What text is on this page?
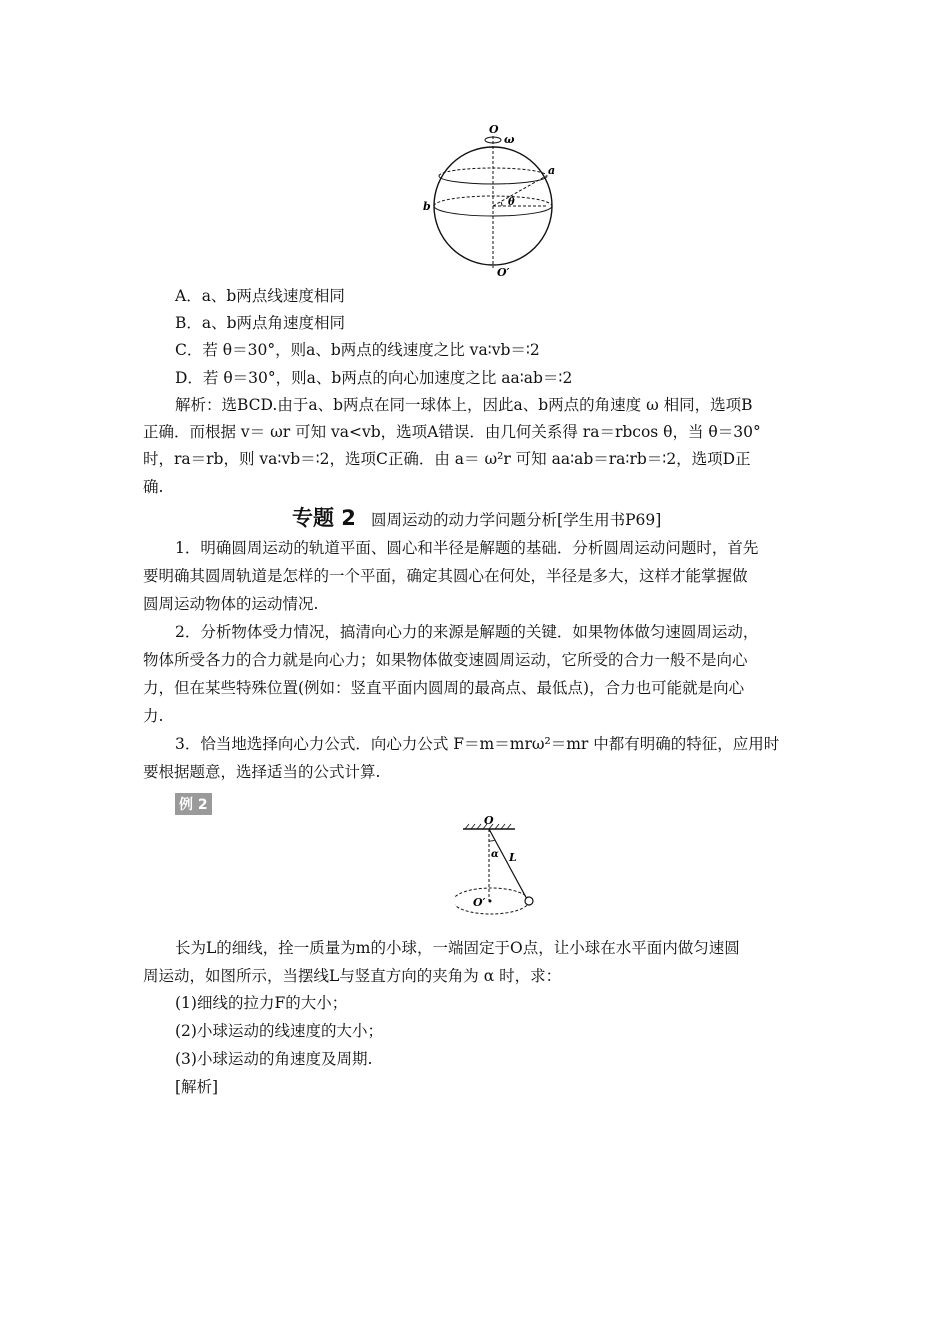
O
ω
a
b	θ
O′
A．a、b两点线速度相同
B．a、b两点角速度相同
C．若 θ＝30°，则a、b两点的线速度之比 va∶vb＝∶2
D．若 θ＝30°，则a、b两点的向心加速度之比 aa∶ab＝∶2
解析：选BCD.由于a、b两点在同一球体上，因此a、b两点的角速度 ω 相同，选项B
正确．而根据 v＝ ωr 可知 va<vb，选项A错误．由几何关系得 ra＝rbcos θ，当 θ＝30°
时，ra＝rb，则 va∶vb＝∶2，选项C正确．由 a＝ ω²r 可知 aa∶ab＝ra∶rb＝∶2，选项D正
确.
专题 2 圆周运动的动力学问题分析[学生用书P69]
1．明确圆周运动的轨道平面、圆心和半径是解题的基础．分析圆周运动问题时，首先
要明确其圆周轨道是怎样的一个平面，确定其圆心在何处，半径是多大，这样才能掌握做
圆周运动物体的运动情况.
2．分析物体受力情况，搞清向心力的来源是解题的关键．如果物体做匀速圆周运动，
物体所受各力的合力就是向心力；如果物体做变速圆周运动，它所受的合力一般不是向心
力，但在某些特殊位置(例如：竖直平面内圆周的最高点、最低点)，合力也可能就是向心
力.
3．恰当地选择向心力公式．向心力公式 F＝m＝mrω²＝mr 中都有明确的特征，应用时
要根据题意，选择适当的公式计算.
例 2
O
α L
O′
长为L的细线，拴一质量为m的小球，一端固定于O点，让小球在水平面内做匀速圆
周运动，如图所示，当摆线L与竖直方向的夹角为 α 时，求：
(1)细线的拉力F的大小；
(2)小球运动的线速度的大小；
(3)小球运动的角速度及周期.
[解析]
